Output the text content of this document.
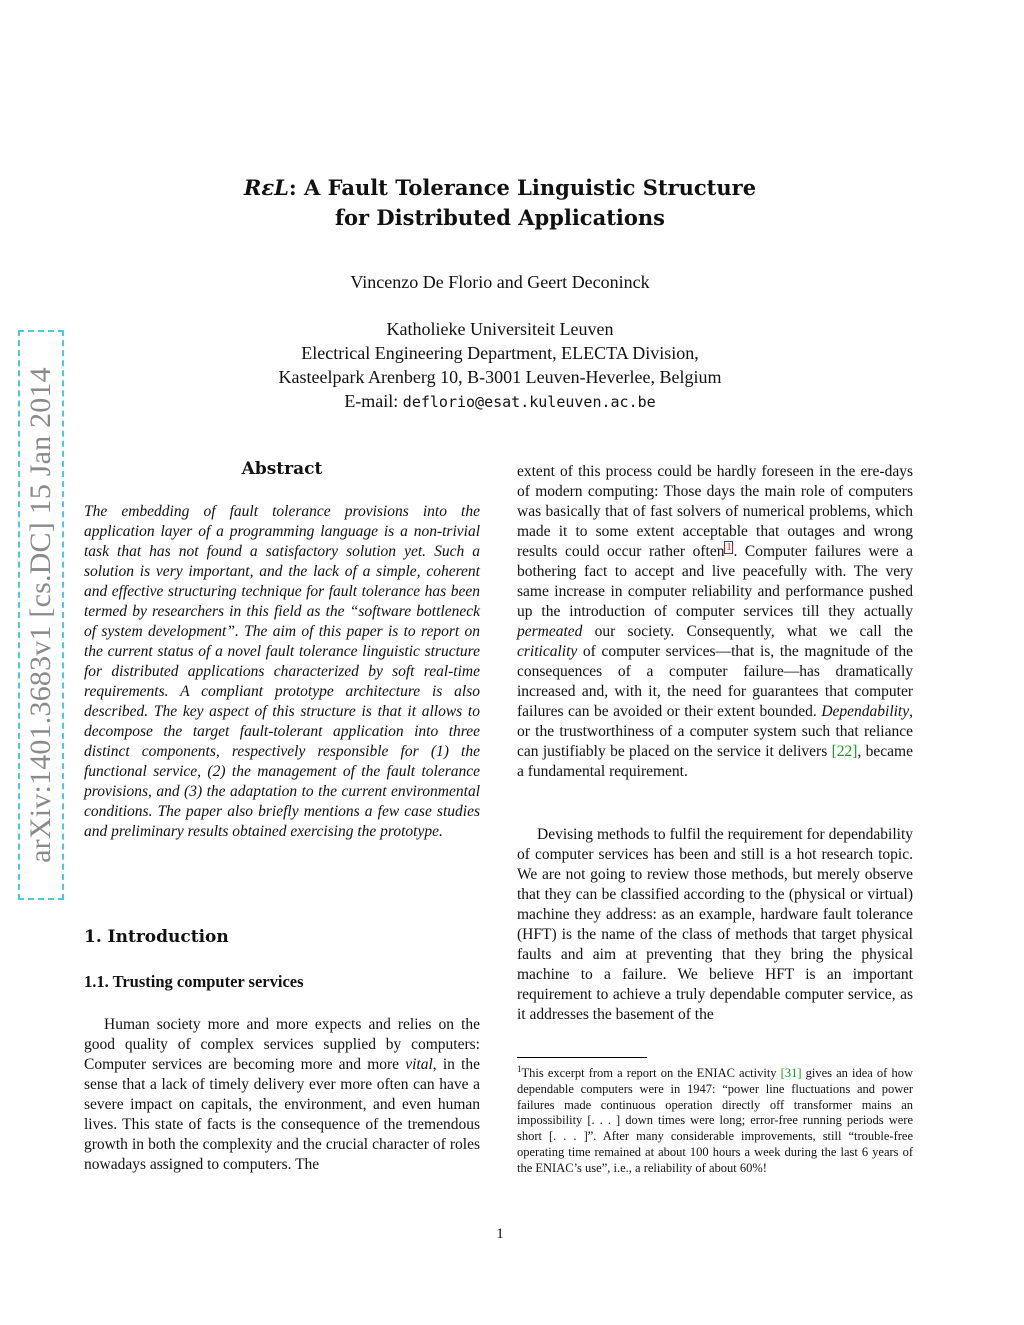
arXiv:1401.3683v1 [cs.DC] 15 Jan 2014
RεL: A Fault Tolerance Linguistic Structure
for Distributed Applications
Vincenzo De Florio and Geert Deconinck
Katholieke Universiteit Leuven
Electrical Engineering Department, ELECTA Division,
Kasteelpark Arenberg 10, B-3001 Leuven-Heverlee, Belgium
E-mail: deflorio@esat.kuleuven.ac.be
Abstract
The embedding of fault tolerance provisions into the application layer of a programming language is a non-trivial task that has not found a satisfactory solution yet. Such a solution is very important, and the lack of a simple, coherent and effective structuring technique for fault tolerance has been termed by researchers in this field as the “software bottleneck of system development”. The aim of this paper is to report on the current status of a novel fault tolerance linguistic structure for distributed applications characterized by soft real-time requirements. A compliant prototype architecture is also described. The key aspect of this structure is that it allows to decompose the target fault-tolerant application into three distinct components, respectively responsible for (1) the functional service, (2) the management of the fault tolerance provisions, and (3) the adaptation to the current environmental conditions. The paper also briefly mentions a few case studies and preliminary results obtained exercising the prototype.
1. Introduction
1.1. Trusting computer services

Human society more and more expects and relies on the good quality of complex services supplied by computers: Computer services are becoming more and more vital, in the sense that a lack of timely delivery ever more often can have a severe impact on capitals, the environment, and even human lives. This state of facts is the consequence of the tremendous growth in both the complexity and the crucial character of roles nowadays assigned to computers. The

extent of this process could be hardly foreseen in the ere-days of modern computing: Those days the main role of computers was basically that of fast solvers of numerical problems, which made it to some extent acceptable that outages and wrong results could occur rather often $^1$ . Computer failures were a bothering fact to accept and live peacefully with. The very same increase in computer reliability and performance pushed up the introduction of computer services till they actually permeated our society. Consequently, what we call the criticality of computer services—that is, the magnitude of the consequences of a computer failure—has dramatically increased and, with it, the need for guarantees that computer failures can be avoided or their extent bounded. Dependability, or the trustworthiness of a computer system such that reliance can justifiably be placed on the service it delivers [22], became a fundamental requirement.

Devising methods to fulfil the requirement for dependability of computer services has been and still is a hot research topic. We are not going to review those methods, but merely observe that they can be classified according to the (physical or virtual) machine they address: as an example, hardware fault tolerance (HFT) is the name of the class of methods that target physical faults and aim at preventing that they bring the physical machine to a failure. We believe HFT is an important requirement to achieve a truly dependable computer service, as it addresses the basement of the

$^1$This excerpt from a report on the ENIAC activity [31] gives an idea of how dependable computers were in 1947: “power line fluctuations and power failures made continuous operation directly off transformer mains an impossibility [. . . ] down times were long; error-free running periods were short [. . . ]”. After many considerable improvements, still “trouble-free operating time remained at about 100 hours a week during the last 6 years of the ENIAC’s use”, i.e., a reliability of about 60%!
1
